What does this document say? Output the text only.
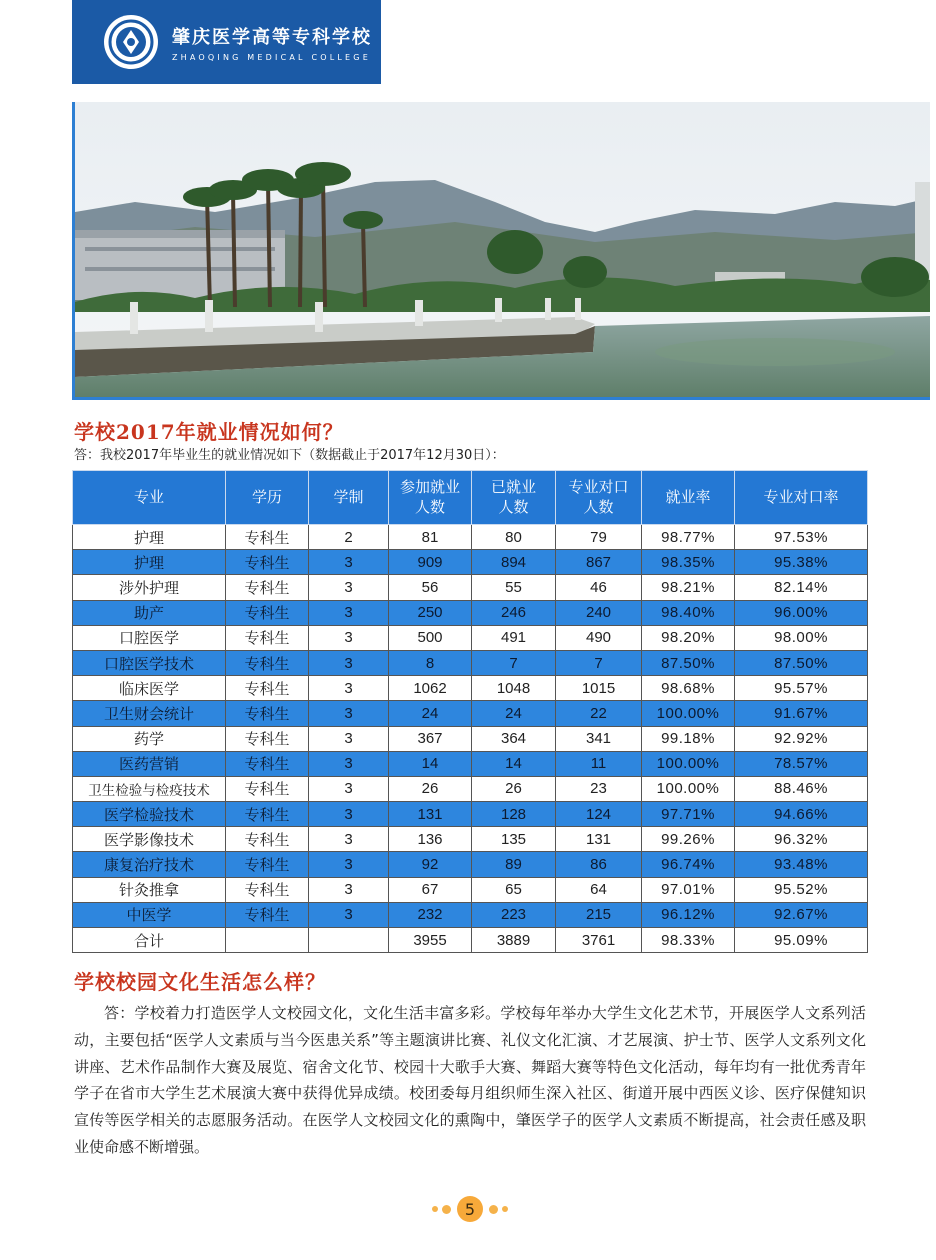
肇庆医学高等专科学校
ZHAOQING MEDICAL COLLEGE
学校2017年就业情况如何？
答：我校2017年毕业生的就业情况如下（数据截止于2017年12月30日）：
专业	学历	学制	参加就业人数	已就业人数	专业对口人数	就业率	专业对口率
护理	专科生	2	81	80	79	98.77%	97.53%
护理	专科生	3	909	894	867	98.35%	95.38%
涉外护理	专科生	3	56	55	46	98.21%	82.14%
助产	专科生	3	250	246	240	98.40%	96.00%
口腔医学	专科生	3	500	491	490	98.20%	98.00%
口腔医学技术	专科生	3	8	7	7	87.50%	87.50%
临床医学	专科生	3	1062	1048	1015	98.68%	95.57%
卫生财会统计	专科生	3	24	24	22	100.00%	91.67%
药学	专科生	3	367	364	341	99.18%	92.92%
医药营销	专科生	3	14	14	11	100.00%	78.57%
卫生检验与检疫技术	专科生	3	26	26	23	100.00%	88.46%
医学检验技术	专科生	3	131	128	124	97.71%	94.66%
医学影像技术	专科生	3	136	135	131	99.26%	96.32%
康复治疗技术	专科生	3	92	89	86	96.74%	93.48%
针灸推拿	专科生	3	67	65	64	97.01%	95.52%
中医学	专科生	3	232	223	215	96.12%	92.67%
合计			3955	3889	3761	98.33%	95.09%
学校校园文化生活怎么样？

答：学校着力打造医学人文校园文化，文化生活丰富多彩。学校每年举办大学生文化艺术节，开展医学人文系列活动，主要包括“医学人文素质与当今医患关系”等主题演讲比赛、礼仪文化汇演、才艺展演、护士节、医学人文系列文化讲座、艺术作品制作大赛及展览、宿舍文化节、校园十大歌手大赛、舞蹈大赛等特色文化活动，每年均有一批优秀青年学子在省市大学生艺术展演大赛中获得优异成绩。校团委每月组织师生深入社区、街道开展中西医义诊、医疗保健知识宣传等医学相关的志愿服务活动。在医学人文校园文化的熏陶中，肇医学子的医学人文素质不断提高，社会责任感及职业使命感不断增强。

5
